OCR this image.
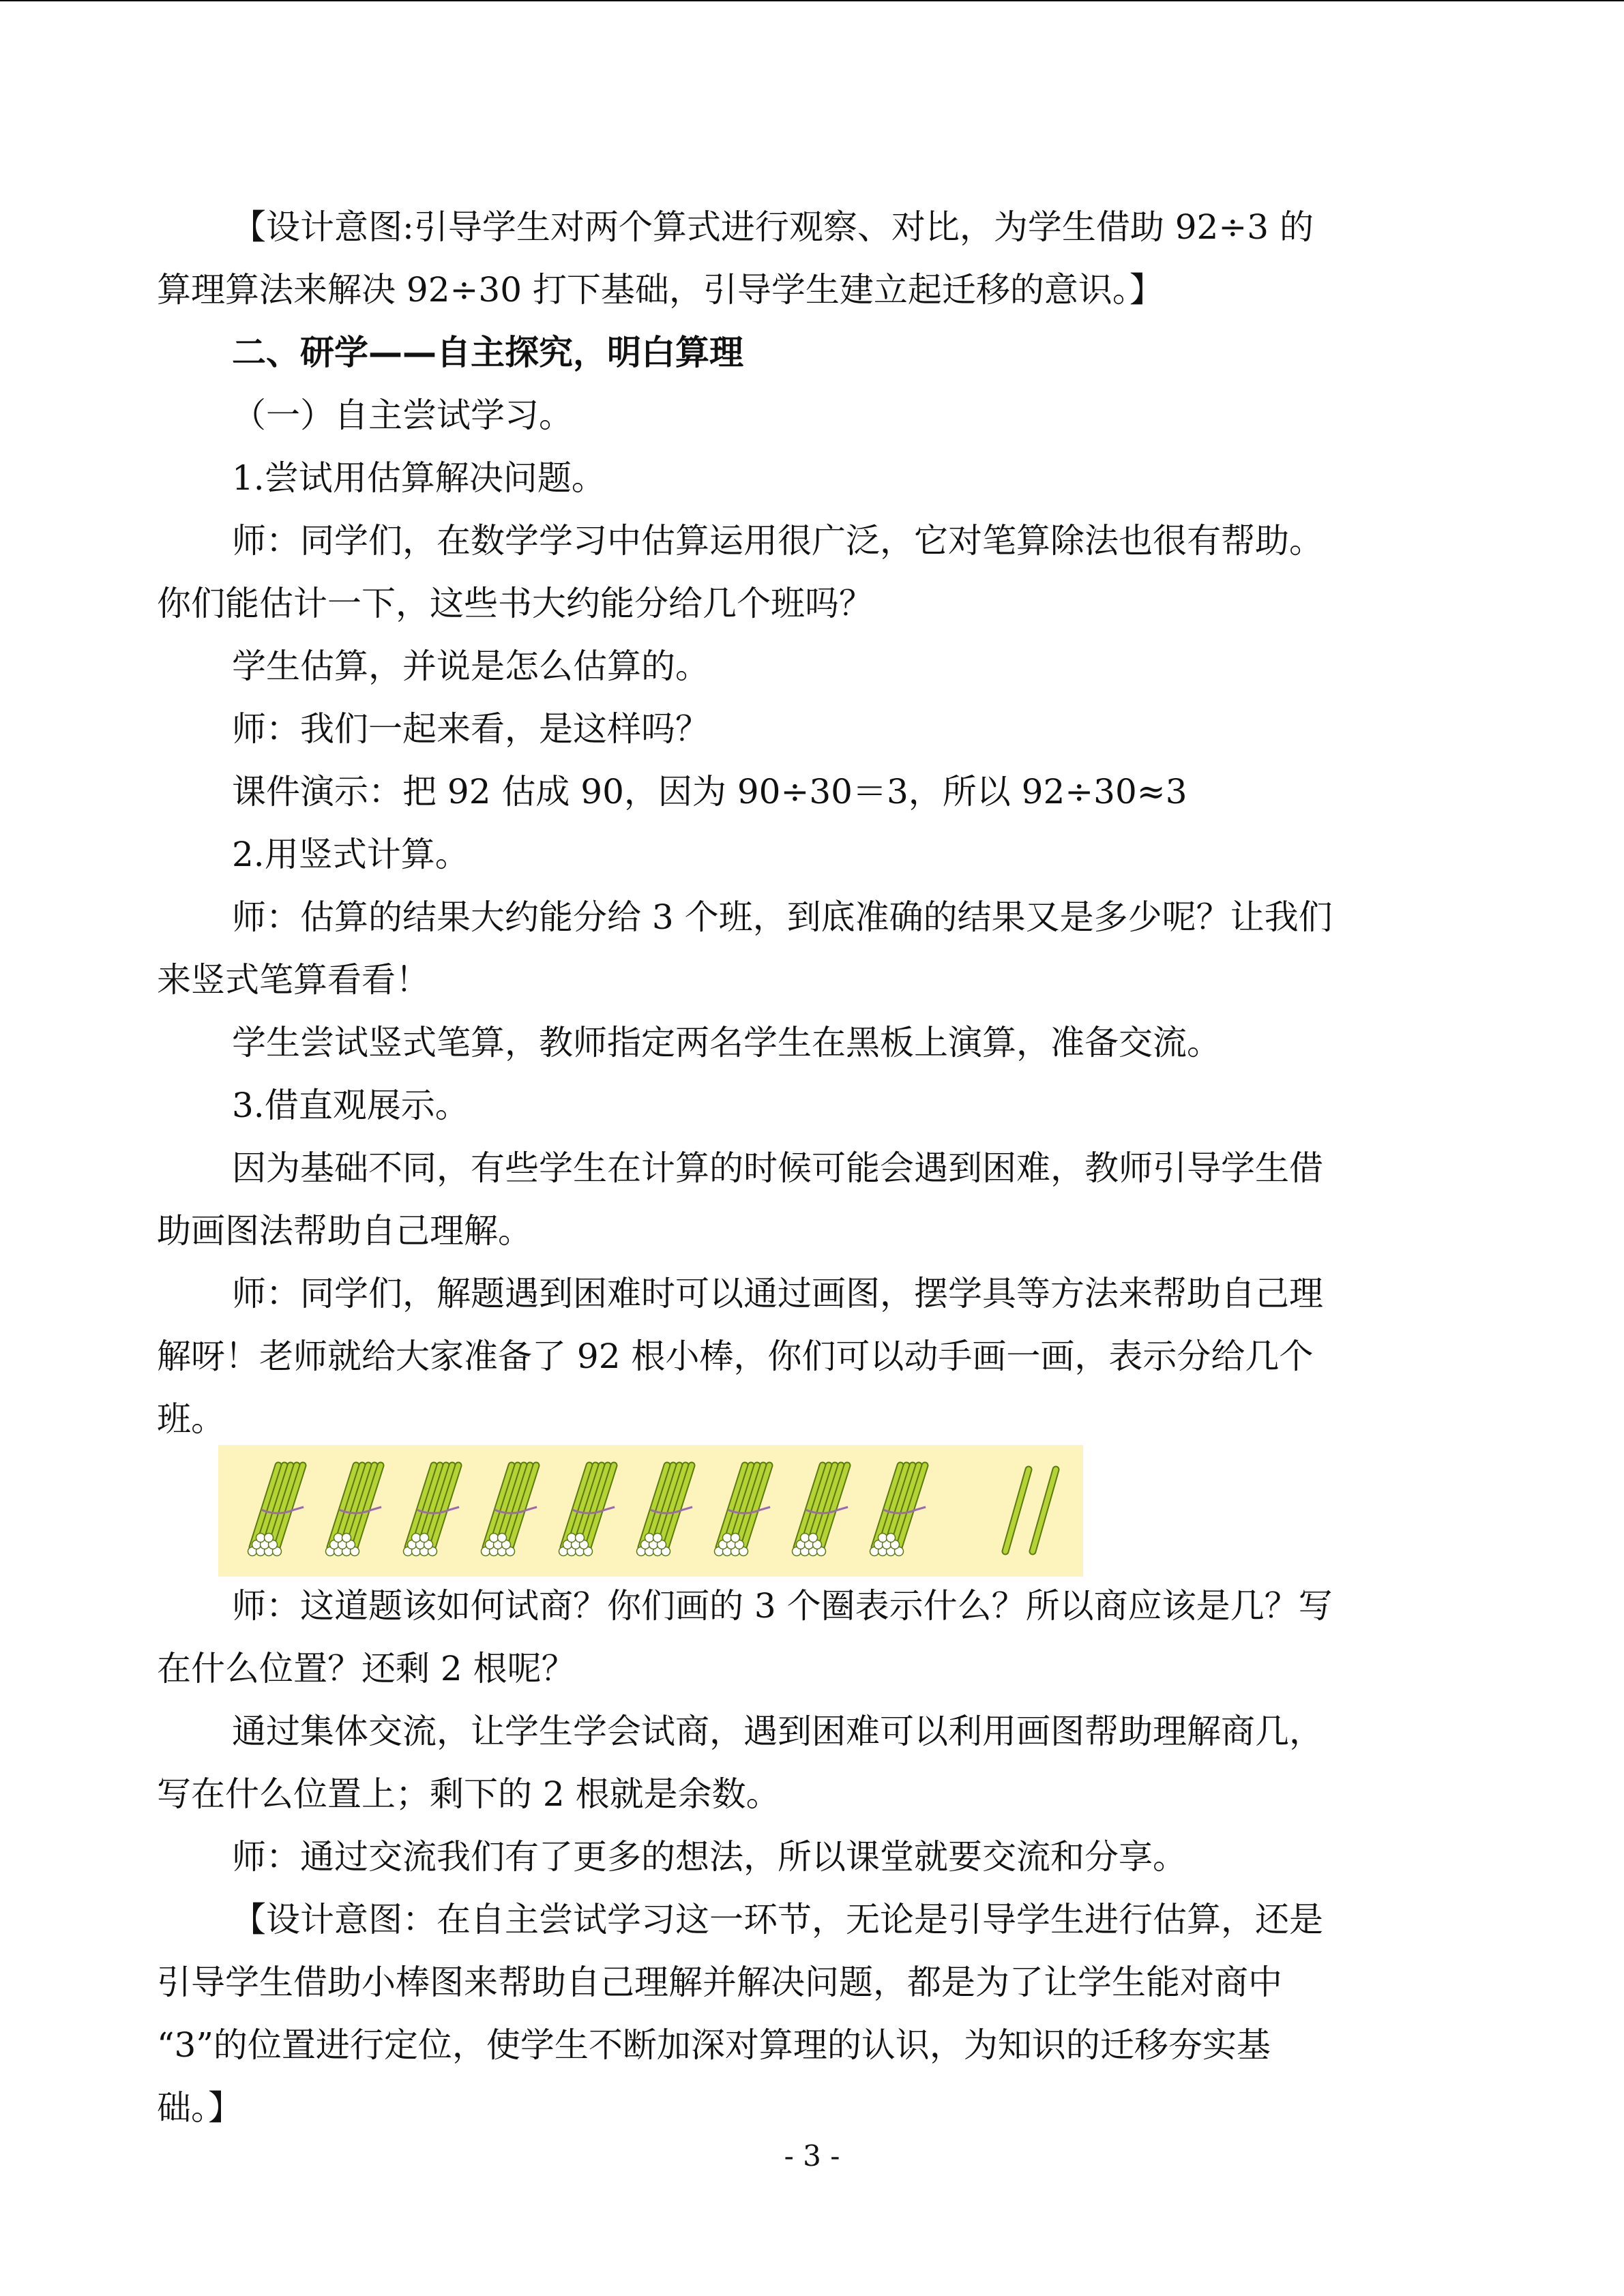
【设计意图:引导学生对两个算式进行观察、对比，为学生借助 92÷3 的

算理算法来解决 92÷30 打下基础，引导学生建立起迁移的意识。】

二、研学——自主探究，明白算理

（一）自主尝试学习。

1.尝试用估算解决问题。

师：同学们，在数学学习中估算运用很广泛，它对笔算除法也很有帮助。

你们能估计一下，这些书大约能分给几个班吗？

学生估算，并说是怎么估算的。

师：我们一起来看，是这样吗？

课件演示：把 92 估成 90，因为 90÷30＝3，所以 92÷30≈3

2.用竖式计算。

师：估算的结果大约能分给 3 个班，到底准确的结果又是多少呢？让我们

来竖式笔算看看！

学生尝试竖式笔算，教师指定两名学生在黑板上演算，准备交流。

3.借直观展示。

因为基础不同，有些学生在计算的时候可能会遇到困难，教师引导学生借

助画图法帮助自己理解。

师：同学们，解题遇到困难时可以通过画图，摆学具等方法来帮助自己理

解呀！老师就给大家准备了 92 根小棒，你们可以动手画一画，表示分给几个

班。

师：这道题该如何试商？你们画的 3 个圈表示什么？所以商应该是几？写

在什么位置？还剩 2 根呢？

通过集体交流，让学生学会试商，遇到困难可以利用画图帮助理解商几，

写在什么位置上；剩下的 2 根就是余数。

师：通过交流我们有了更多的想法，所以课堂就要交流和分享。

【设计意图：在自主尝试学习这一环节，无论是引导学生进行估算，还是

引导学生借助小棒图来帮助自己理解并解决问题，都是为了让学生能对商中

“3”的位置进行定位，使学生不断加深对算理的认识，为知识的迁移夯实基

础。】

- 3 -
